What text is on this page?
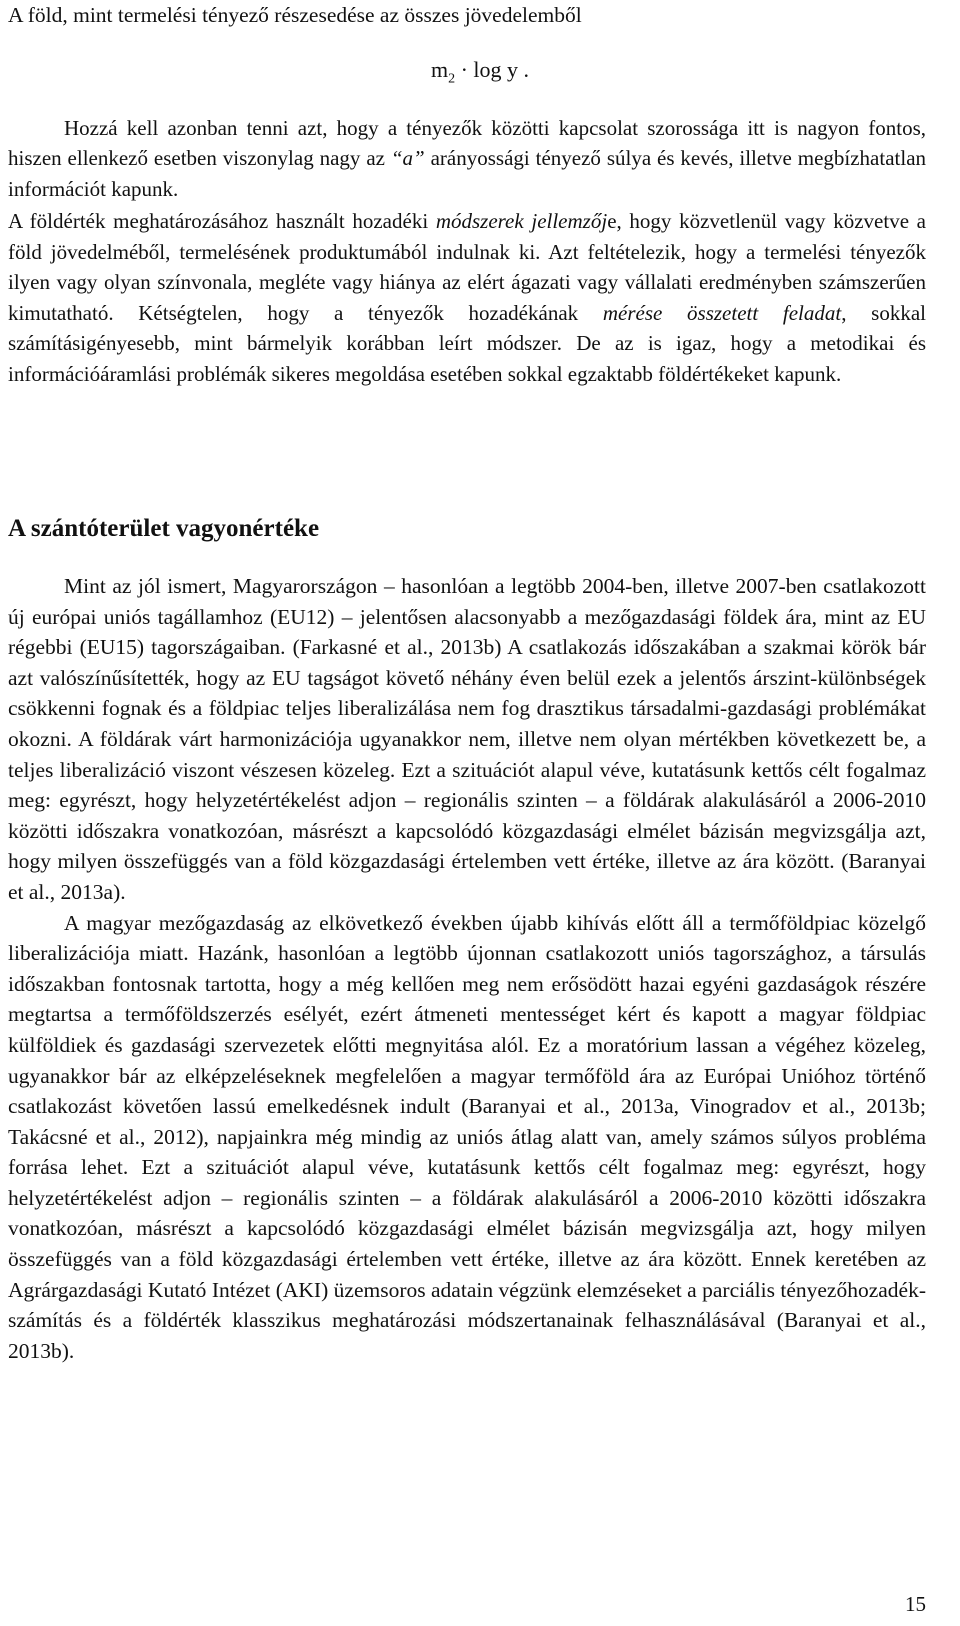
A föld, mint termelési tényező részesedése az összes jövedelemből

$m_2 \cdot \log y$ .

Hozzá kell azonban tenni azt, hogy a tényezők közötti kapcsolat szorossága itt is nagyon fontos, hiszen ellenkező esetben viszonylag nagy az “a” arányossági tényező súlya és kevés, illetve megbízhatatlan információt kapunk.

A földérték meghatározásához használt hozadéki módszerek jellemzője, hogy közvetlenül vagy közvetve a föld jövedelméből, termelésének produktumából indulnak ki. Azt feltételezik, hogy a termelési tényezők ilyen vagy olyan színvonala, megléte vagy hiánya az elért ágazati vagy vállalati eredményben számszerűen kimutatható. Kétségtelen, hogy a tényezők hozadékának mérése összetett feladat, sokkal számításigényesebb, mint bármelyik korábban leírt módszer. De az is igaz, hogy a metodikai és információáramlási problémák sikeres megoldása esetében sokkal egzaktabb földértékeket kapunk.

A szántóterület vagyonértéke

Mint az jól ismert, Magyarországon – hasonlóan a legtöbb 2004-ben, illetve 2007-ben csatlakozott új európai uniós tagállamhoz (EU12) – jelentősen alacsonyabb a mezőgazdasági földek ára, mint az EU régebbi (EU15) tagországaiban. (Farkasné et al., 2013b) A csatlakozás időszakában a szakmai körök bár azt valószínűsítették, hogy az EU tagságot követő néhány éven belül ezek a jelentős árszint-különbségek csökkenni fognak és a földpiac teljes liberalizálása nem fog drasztikus társadalmi-gazdasági problémákat okozni. A földárak várt harmonizációja ugyanakkor nem, illetve nem olyan mértékben következett be, a teljes liberalizáció viszont vészesen közeleg. Ezt a szituációt alapul véve, kutatásunk kettős célt fogalmaz meg: egyrészt, hogy helyzetértékelést adjon – regionális szinten – a földárak alakulásáról a 2006-2010 közötti időszakra vonatkozóan, másrészt a kapcsolódó közgazdasági elmélet bázisán megvizsgálja azt, hogy milyen összefüggés van a föld közgazdasági értelemben vett értéke, illetve az ára között. (Baranyai et al., 2013a).

A magyar mezőgazdaság az elkövetkező években újabb kihívás előtt áll a termőföldpiac közelgő liberalizációja miatt. Hazánk, hasonlóan a legtöbb újonnan csatlakozott uniós tagországhoz, a társulás időszakban fontosnak tartotta, hogy a még kellően meg nem erősödött hazai egyéni gazdaságok részére megtartsa a termőföldszerzés esélyét, ezért átmeneti mentességet kért és kapott a magyar földpiac külföldiek és gazdasági szervezetek előtti megnyitása alól. Ez a moratórium lassan a végéhez közeleg, ugyanakkor bár az elképzeléseknek megfelelően a magyar termőföld ára az Európai Unióhoz történő csatlakozást követően lassú emelkedésnek indult (Baranyai et al., 2013a, Vinogradov et al., 2013b; Takácsné et al., 2012), napjainkra még mindig az uniós átlag alatt van, amely számos súlyos probléma forrása lehet. Ezt a szituációt alapul véve, kutatásunk kettős célt fogalmaz meg: egyrészt, hogy helyzetértékelést adjon – regionális szinten – a földárak alakulásáról a 2006-2010 közötti időszakra vonatkozóan, másrészt a kapcsolódó közgazdasági elmélet bázisán megvizsgálja azt, hogy milyen összefüggés van a föld közgazdasági értelemben vett értéke, illetve az ára között. Ennek keretében az Agrárgazdasági Kutató Intézet (AKI) üzemsoros adatain végzünk elemzéseket a parciális tényezőhozadék-számítás és a földérték klasszikus meghatározási módszertanainak felhasználásával (Baranyai et al., 2013b).

15
